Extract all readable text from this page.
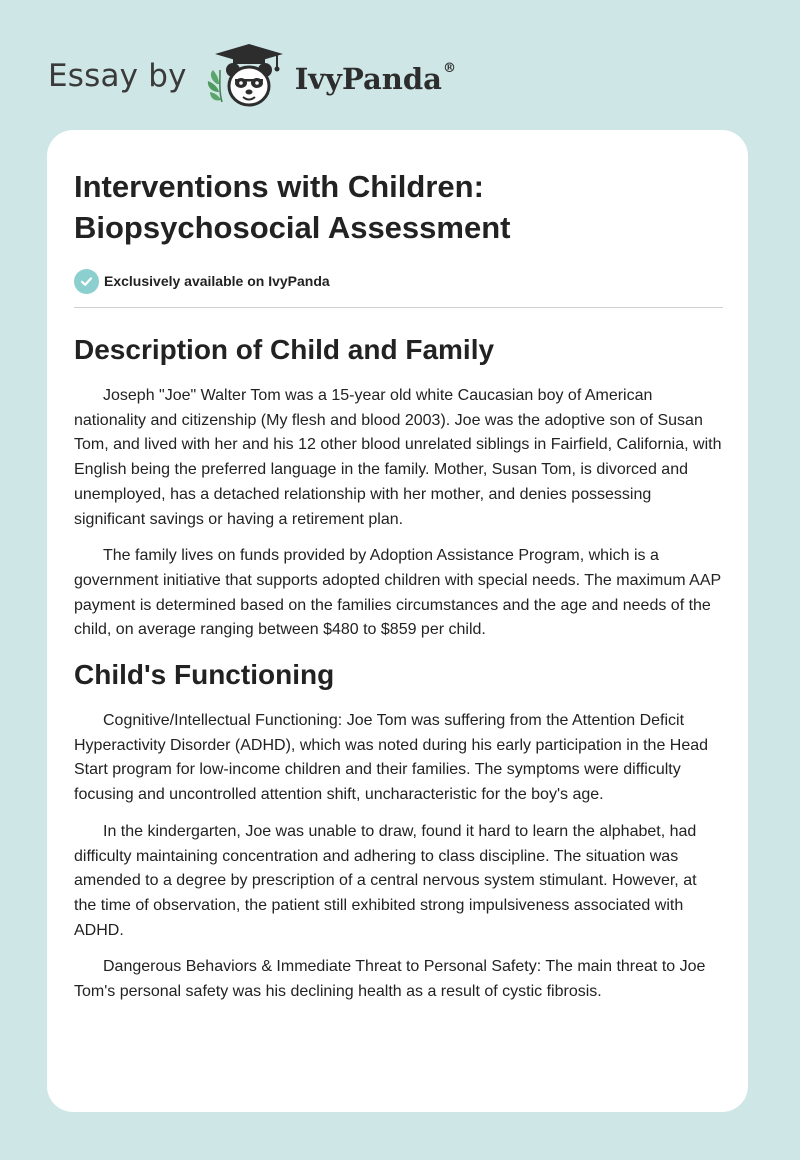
Essay by	IvyPanda®
Interventions with Children:
Biopsychosocial Assessment
Exclusively available on IvyPanda
Description of Child and Family

Joseph "Joe" Walter Tom was a 15-year old white Caucasian boy of American nationality and citizenship (My flesh and blood 2003). Joe was the adoptive son of Susan Tom, and lived with her and his 12 other blood unrelated siblings in Fairfield, California, with English being the preferred language in the family. Mother, Susan Tom, is divorced and unemployed, has a detached relationship with her mother, and denies possessing significant savings or having a retirement plan.

The family lives on funds provided by Adoption Assistance Program, which is a government initiative that supports adopted children with special needs. The maximum AAP payment is determined based on the families circumstances and the age and needs of the child, on average ranging between $480 to $859 per child.

Child's Functioning

Cognitive/Intellectual Functioning: Joe Tom was suffering from the Attention Deficit Hyperactivity Disorder (ADHD), which was noted during his early participation in the Head Start program for low-income children and their families. The symptoms were difficulty focusing and uncontrolled attention shift, uncharacteristic for the boy's age.

In the kindergarten, Joe was unable to draw, found it hard to learn the alphabet, had difficulty maintaining concentration and adhering to class discipline. The situation was amended to a degree by prescription of a central nervous system stimulant. However, at the time of observation, the patient still exhibited strong impulsiveness associated with ADHD.

Dangerous Behaviors & Immediate Threat to Personal Safety: The main threat to Joe Tom's personal safety was his declining health as a result of cystic fibrosis.
